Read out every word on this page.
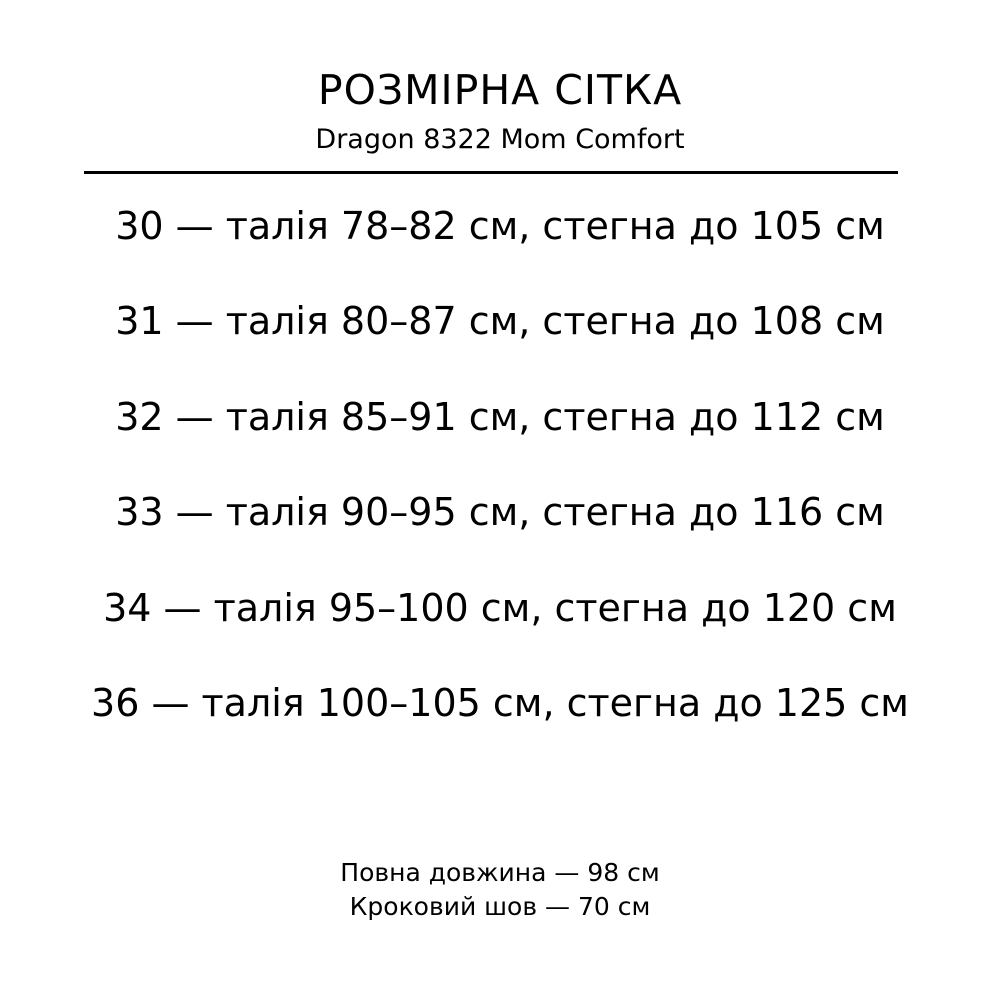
РОЗМІРНА СІТКА
Dragon 8322 Mom Comfort
30 — талія 78–82 см, стегна до 105 см
31 — талія 80–87 см, стегна до 108 см
32 — талія 85–91 см, стегна до 112 см
33 — талія 90–95 см, стегна до 116 см
34 — талія 95–100 см, стегна до 120 см
36 — талія 100–105 см, стегна до 125 см
Повна довжина — 98 см
Кроковий шов — 70 см
